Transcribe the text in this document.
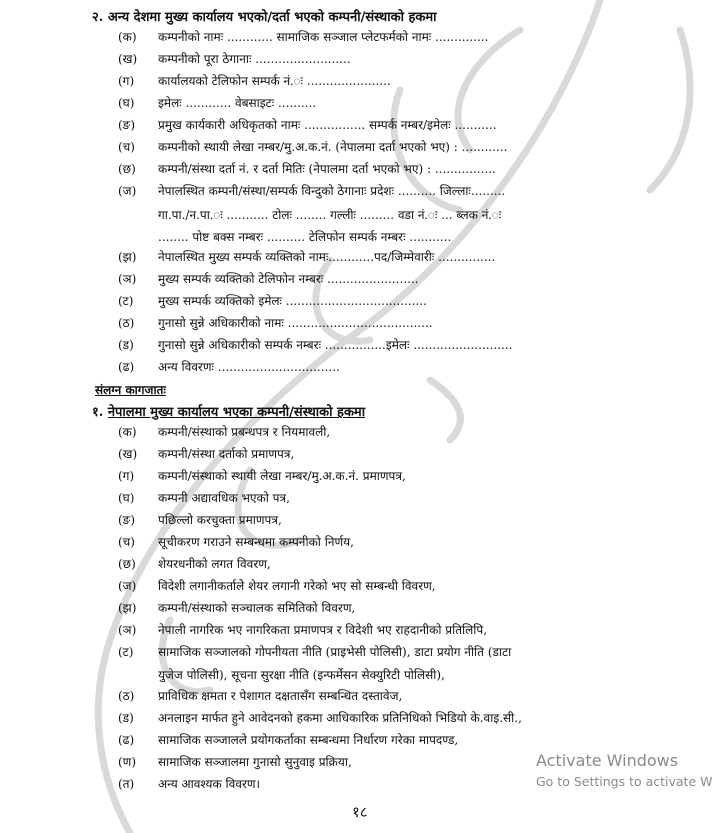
२. अन्य देशमा मुख्य कार्यालय भएको/दर्ता भएको कम्पनी/संस्थाको हकमा
(क)	कम्पनीको नामः ............ सामाजिक सञ्जाल प्लेटफर्मको नामः ..............
(ख)	कम्पनीको पूरा ठेगानाः .........................
(ग)	कार्यालयको टेलिफोन सम्पर्क नं.ः ......................
(घ)	इमेलः ............ वेबसाइटः ..........
(ङ)	प्रमुख कार्यकारी अधिकृतको नामः ................ सम्पर्क नम्बर/इमेलः ...........
(च)	कम्पनीको स्थायी लेखा नम्बर/मु.अ.क.नं. (नेपालमा दर्ता भएको भए) : ............
(छ)	कम्पनी/संस्था दर्ता नं. र दर्ता मितिः (नेपालमा दर्ता भएको भए) : ................
(ज)	नेपालस्थित कम्पनी/संस्था/सम्पर्क विन्दुको ठेगानाः प्रदेशः .......... जिल्लाः.........
गा.पा./न.पा.ः ........... टोलः ........ गल्लीः ......... वडा नं.ः ... ब्लक नं.ः
........ पोष्ट बक्स नम्बरः .......... टेलिफोन सम्पर्क नम्बरः ...........
(झ)	नेपालस्थित मुख्य सम्पर्क व्यक्तिको नामः............पद/जिम्मेवारीः ...............
(ञ)	मुख्य सम्पर्क व्यक्तिको टेलिफोन नम्बरः ........................
(ट)	मुख्य सम्पर्क व्यक्तिको इमेलः .....................................
(ठ)	गुनासो सुन्ने अधिकारीको नामः ......................................
(ड)	गुनासो सुन्ने अधिकारीको सम्पर्क नम्बरः ................इमेलः ..........................
(ढ)	अन्य विवरणः ................................
संलग्न कागजातः
१. नेपालमा मुख्य कार्यालय भएका कम्पनी/संस्थाको हकमा
(क)	कम्पनी/संस्थाको प्रबन्धपत्र र नियमावली,
(ख)	कम्पनी/संस्था दर्ताको प्रमाणपत्र,
(ग)	कम्पनी/संस्थाको स्थायी लेखा नम्बर/मु.अ.क.नं. प्रमाणपत्र,
(घ)	कम्पनी अद्यावधिक भएको पत्र,
(ङ)	पछिल्लो करचुक्ता प्रमाणपत्र,
(च)	सूचीकरण गराउने सम्बन्धमा कम्पनीको निर्णय,
(छ)	शेयरधनीको लगत विवरण,
(ज)	विदेशी लगानीकर्तालेे शेयर लगानी गरेको भए सो सम्बन्धी विवरण,
(झ)	कम्पनी/संस्थाको सञ्चालक समितिको विवरण,
(ञ)	नेपाली नागरिक भए नागरिकता प्रमाणपत्र र विदेशी भए राहदानीको प्रतिलिपि,
(ट)	सामाजिक सञ्जालको गोपनीयता नीति (प्राइभेसी पोलिसी), डाटा प्रयोग नीति (डाटा
युजेज पोलिसी), सूचना सुरक्षा नीति (इन्फर्मेसन सेक्युरिटी पोलिसी),
(ठ)	प्राविधिक क्षमता र पेशागत दक्षतासँग सम्बन्धित दस्तावेज,
(ड)	अनलाइन मार्फत हुने आवेदनको हकमा आधिकारिक प्रतिनिधिको भिडियो के.वाइ.सी.,
(ढ)	सामाजिक सञ्जालले प्रयोगकर्ताका सम्बन्धमा निर्धारण गरेका मापदण्ड,
(ण)	सामाजिक सञ्जालमा गुनासो सुनुवाइ प्रक्रिया,
(त)	अन्य आवश्यक विवरण।
Activate Windows
Go to Settings to activate W
१८
